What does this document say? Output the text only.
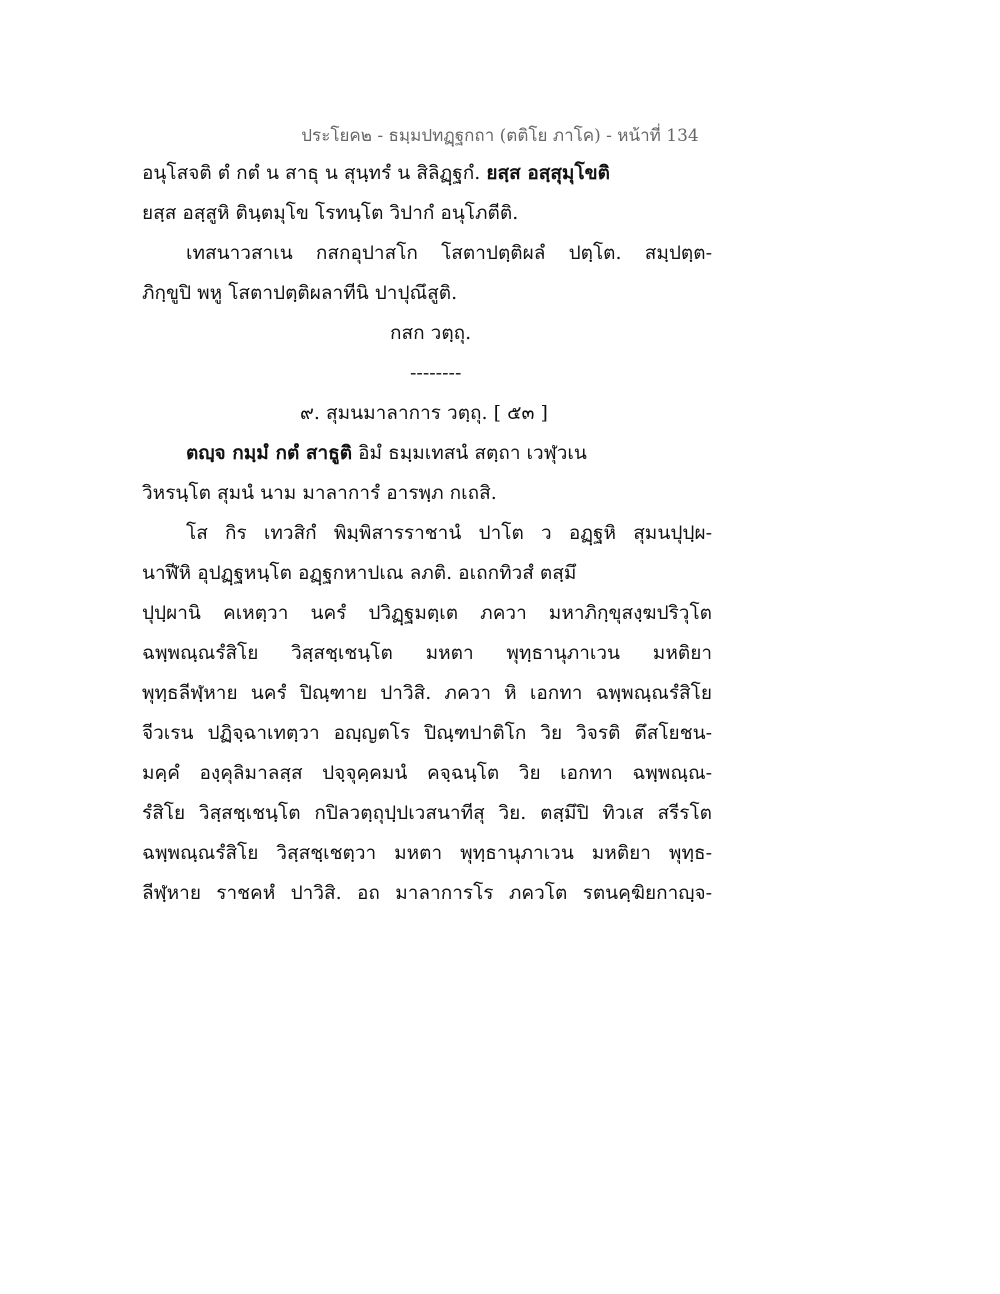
ประโยค๒ - ธมฺมปทฏฺฐกถา (ตติโย ภาโค) - หน้าที่ 134
อนุโสจติ ตํ กตํ น สาธุ น สุนฺทรํ น สิลิฏฺฐกํ. ยสฺส อสฺสุมุโขติ
ยสฺส อสฺสูหิ ตินฺตมุโข โรทนฺโต วิปากํ อนุโภตีติ.
เทสนาวสาเน กสกอุปาสโก โสตาปตฺติผลํ ปตฺโต. สมฺปตฺต-
ภิกฺขูปิ พหู โสตาปตฺติผลาทีนิ ปาปุณึสูติ.
กสก วตฺถุ.
--------
๙. สุมนมาลาการ วตฺถุ. [ ๕๓ ]
ตญฺจ กมฺมํ กตํ สาธูติ อิมํ ธมฺมเทสนํ สตฺถา เวฬุวเน
วิหรนฺโต สุมนํ นาม มาลาการํ อารพฺภ กเถสิ.
โส กิร เทวสิกํ พิมฺพิสารราชานํ ปาโต ว อฏฺฐหิ สุมนปุปฺผ-
นาฬีหิ อุปฏฺฐหนฺโต อฏฺฐกหาปเณ ลภติ. อเถกทิวสํ ตสฺมึ
ปุปฺผานิ คเหตฺวา นครํ ปวิฏฺฐมตฺเต ภควา มหาภิกฺขุสงฺฆปริวุโต
ฉพฺพณฺณรํสิโย วิสฺสชฺเชนฺโต มหตา พุทฺธานุภาเวน มหติยา
พุทฺธลีฬฺหาย นครํ ปิณฺฑาย ปาวิสิ. ภควา หิ เอกทา ฉพฺพณฺณรํสิโย
จีวเรน ปฏิจฺฉาเทตฺวา อญฺญตโร ปิณฺฑปาติโก วิย วิจรติ ตึสโยชน-
มคฺคํ องฺคุลิมาลสฺส ปจฺจุคฺคมนํ คจฺฉนฺโต วิย เอกทา ฉพฺพณฺณ-
รํสิโย วิสฺสชฺเชนฺโต กปิลวตฺถุปฺปเวสนาทีสุ วิย. ตสฺมึปิ ทิวเส สรีรโต
ฉพฺพณฺณรํสิโย วิสฺสชฺเชตฺวา มหตา พุทฺธานุภาเวน มหติยา พุทฺธ-
ลีฬฺหาย ราชคหํ ปาวิสิ. อถ มาลาการโร ภควโต รตนคฺฆิยกาญฺจ-
